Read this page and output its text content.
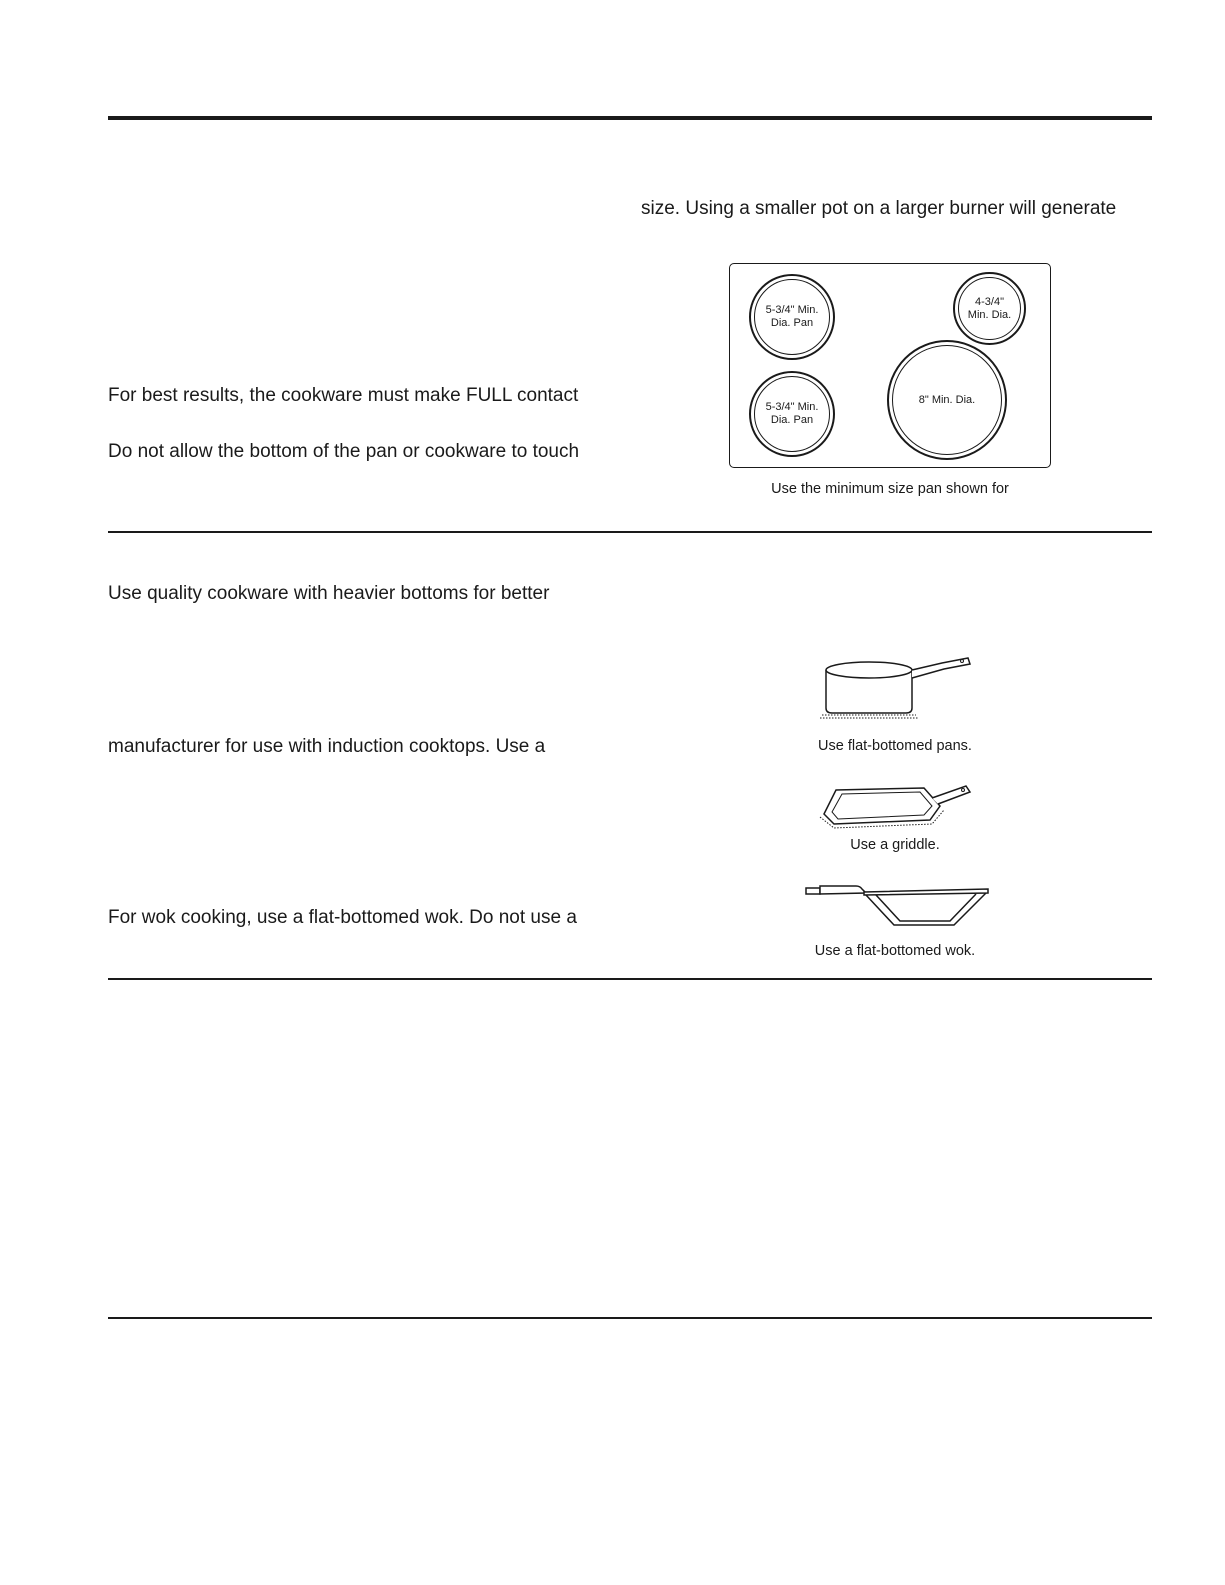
size. Using a smaller pot on a larger burner will generate
For best results, the cookware must make FULL contact
Do not allow the bottom of the pan or cookware to touch
Use quality cookware with heavier bottoms for better
manufacturer for use with induction cooktops. Use a
For wok cooking, use a flat-bottomed wok. Do not use a
5-3/4" Min.
Dia. Pan
4-3/4"
Min. Dia.
5-3/4" Min.
Dia. Pan
8" Min. Dia.
Use the minimum size pan shown for
Use flat-bottomed pans.
Use a griddle.
Use a flat-bottomed wok.
